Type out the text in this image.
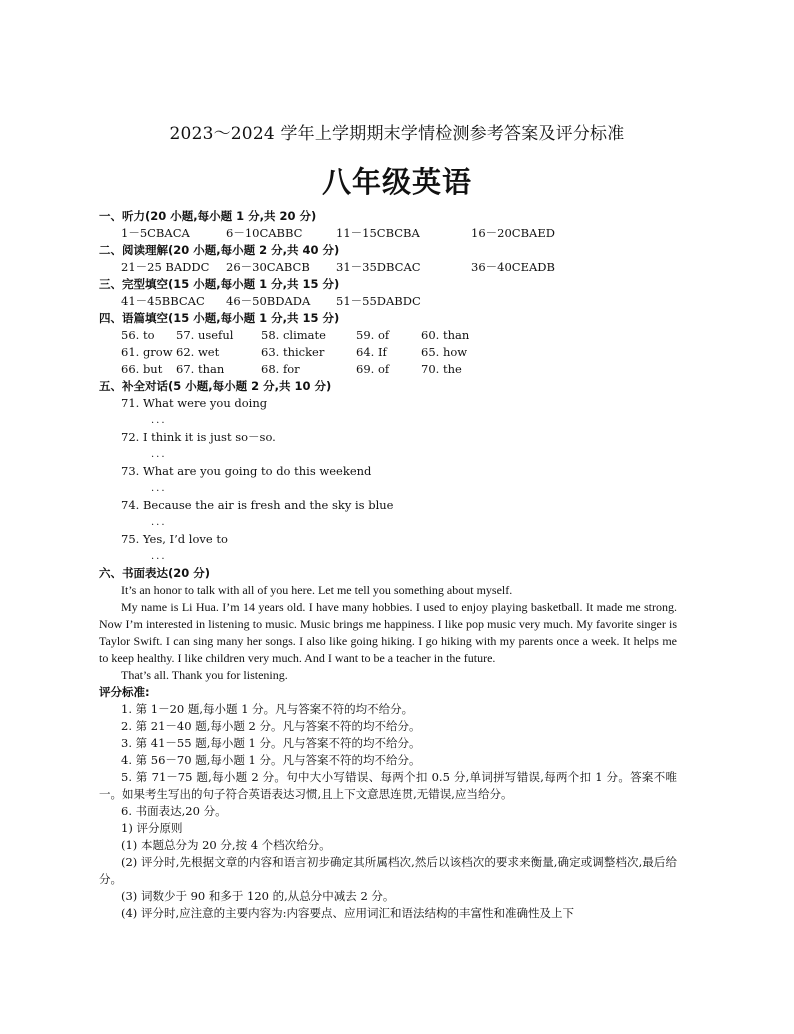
2023～2024 学年上学期期末学情检测参考答案及评分标准
八年级英语
一、听力(20 小题,每小题 1 分,共 20 分)
1－5CBACA	6－10CABBC	11－15CBCBA	16－20CBAED
二、阅读理解(20 小题,每小题 2 分,共 40 分)
21－25 BADDC	26－30CABCB	31－35DBCAC	36－40CEADB
三、完型填空(15 小题,每小题 1 分,共 15 分)
41－45BBCAC	46－50BDADA	51－55DABDC
四、语篇填空(15 小题,每小题 1 分,共 15 分)
56. to	57. useful	58. climate	59. of	60. than
61. grow 62. wet	63. thicker	64. If	65. how
66. but	67. than	68. for	69. of	70. the
五、补全对话(5 小题,每小题 2 分,共 10 分)
71. What were you doing
...
72. I think it is just so－so.
...
73. What are you going to do this weekend
...
74. Because the air is fresh and the sky is blue
...
75. Yes, I’d love to
...
六、书面表达(20 分)

It’s an honor to talk with all of you here. Let me tell you something about myself.

My name is Li Hua. I’m 14 years old. I have many hobbies. I used to enjoy playing basketball. It made me strong. Now I’m interested in listening to music. Music brings me happiness. I like pop music very much. My favorite singer is Taylor Swift. I can sing many her songs. I also like going hiking. I go hiking with my parents once a week. It helps me to keep healthy. I like children very much. And I want to be a teacher in the future.

That’s all. Thank you for listening.

评分标准:
1. 第 1－20 题,每小题 1 分。凡与答案不符的均不给分。
2. 第 21－40 题,每小题 2 分。凡与答案不符的均不给分。
3. 第 41－55 题,每小题 1 分。凡与答案不符的均不给分。
4. 第 56－70 题,每小题 1 分。凡与答案不符的均不给分。
5. 第 71－75 题,每小题 2 分。句中大小写错误、每两个扣 0.5 分,单词拼写错误,每两个扣 1 分。答案不唯一。如果考生写出的句子符合英语表达习惯,且上下文意思连贯,无错误,应当给分。
6. 书面表达,20 分。
1) 评分原则
(1) 本题总分为 20 分,按 4 个档次给分。
(2) 评分时,先根据文章的内容和语言初步确定其所属档次,然后以该档次的要求来衡量,确定或调整档次,最后给分。
(3) 词数少于 90 和多于 120 的,从总分中减去 2 分。
(4) 评分时,应注意的主要内容为:内容要点、应用词汇和语法结构的丰富性和准确性及上下
